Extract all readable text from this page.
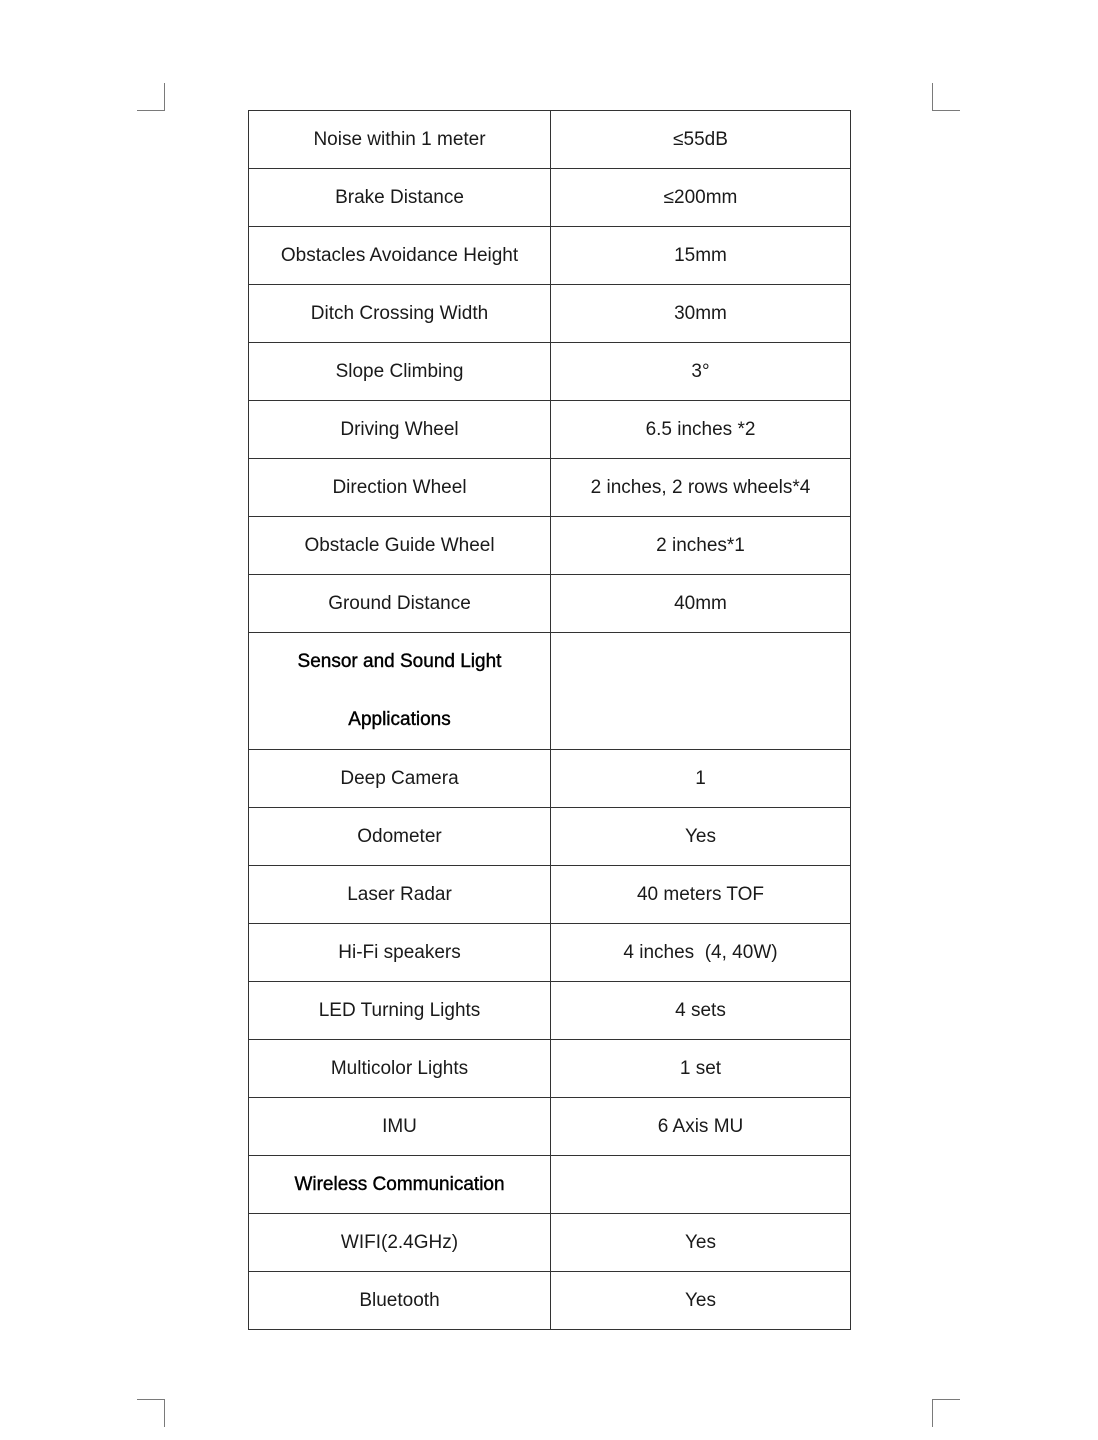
Noise within 1 meter	≤55dB
Brake Distance	≤200mm
Obstacles Avoidance Height	15mm
Ditch Crossing Width	30mm
Slope Climbing	3°
Driving Wheel	6.5 inches *2
Direction Wheel	2 inches, 2 rows wheels*4
Obstacle Guide Wheel	2 inches*1
Ground Distance	40mm
Sensor and Sound Light Applications	
Deep Camera	1
Odometer	Yes
Laser Radar	40 meters TOF
Hi-Fi speakers	4 inches  (4, 40W)
LED Turning Lights	4 sets
Multicolor Lights	1 set
IMU	6 Axis MU
Wireless Communication	
WIFI(2.4GHz)	Yes
Bluetooth	Yes
